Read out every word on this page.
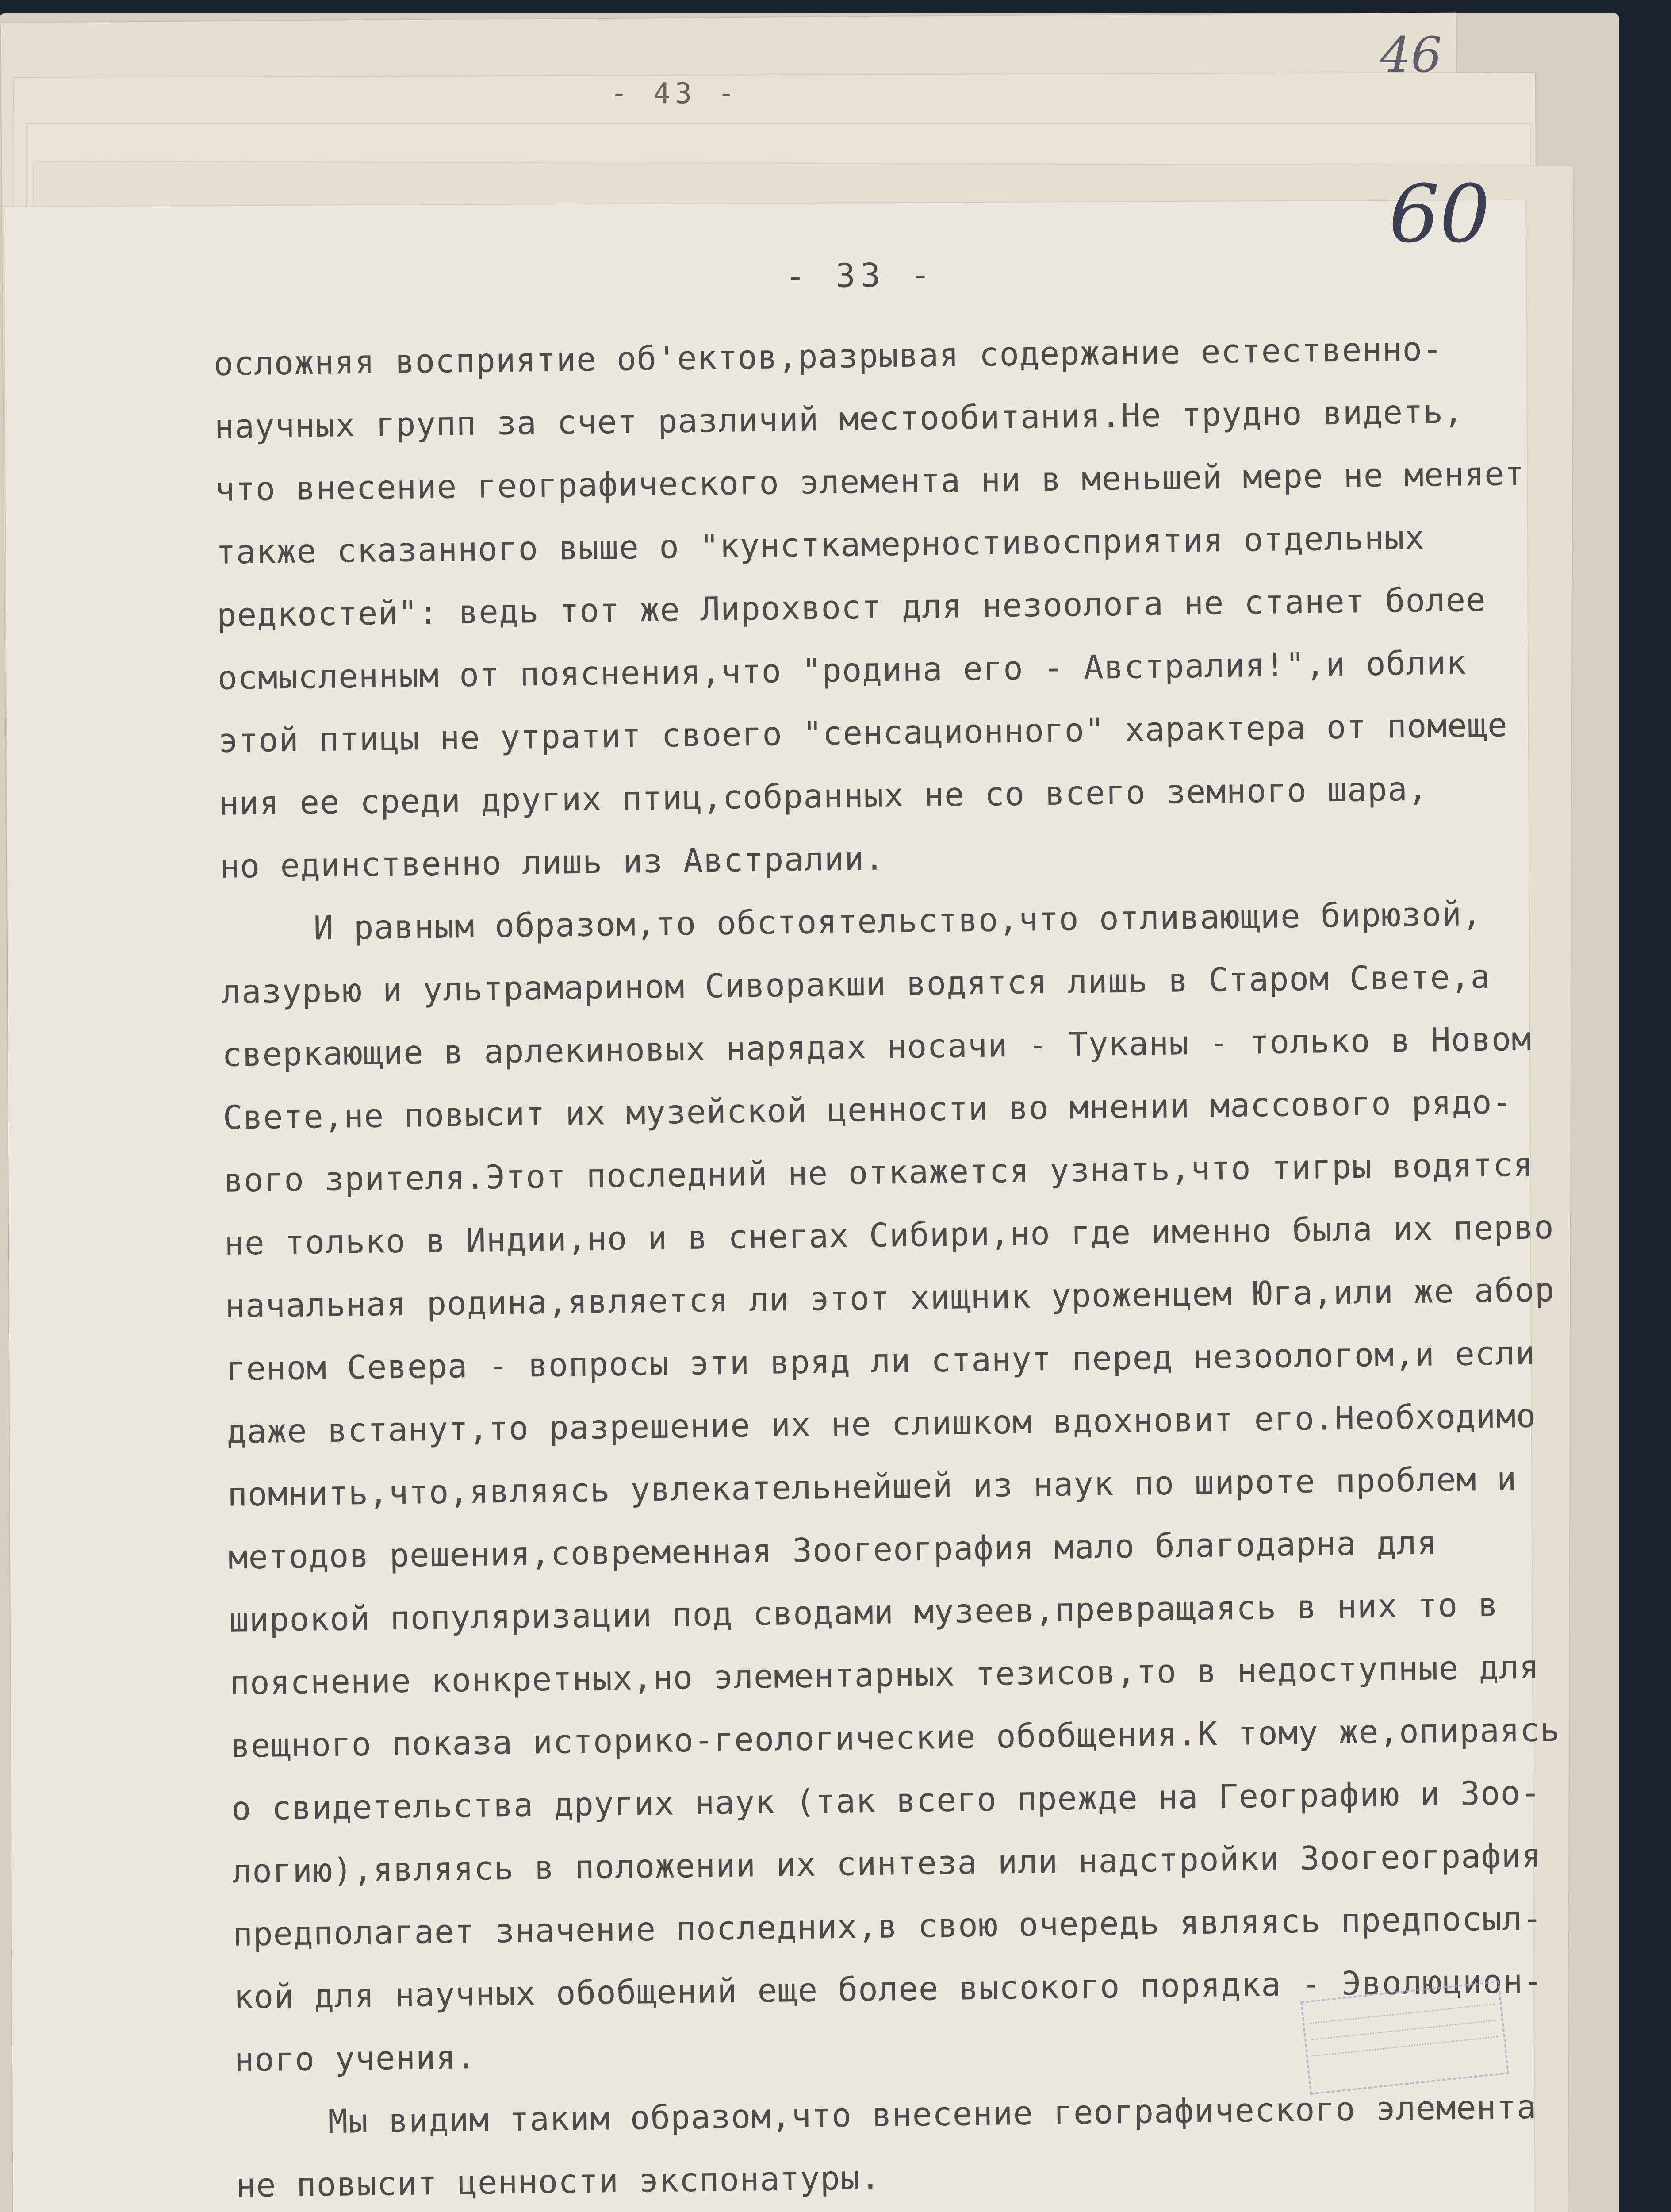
- 43 -
46
60
- 33 -
осложняя восприятие об'ектов,разрывая содержание естественно-
научных групп за счет различий местообитания.Не трудно видеть,
что внесение географического элемента ни в меньшей мере не меняет
также сказанного выше о "кунсткамерностивосприятия отдельных
редкостей": ведь тот же Лирохвост для незоолога не станет более
осмысленным от пояснения,что "родина его - Австралия!",и облик
этой птицы не утратит своего "сенсационного" характера от помеще
ния ее среди других птиц,собранных не со всего земного шара,
но единственно лишь из Австралии.
И равным образом,то обстоятельство,что отливающие бирюзой,
лазурью и ультрамарином Сиворакши водятся лишь в Старом Свете,а
сверкающие в арлекиновых нарядах носачи - Туканы - только в Новом
Свете,не повысит их музейской ценности во мнении массового рядо-
вого зрителя.Этот последний не откажется узнать,что тигры водятся
не только в Индии,но и в снегах Сибири,но где именно была их перво
начальная родина,является ли этот хищник уроженцем Юга,или же абор
геном Севера - вопросы эти вряд ли станут перед незоологом,и если
даже встанут,то разрешение их не слишком вдохновит его.Необходимо
помнить,что,являясь увлекательнейшей из наук по широте проблем и
методов решения,современная Зоогеография мало благодарна для
широкой популяризации под сводами музеев,превращаясь в них то в
пояснение конкретных,но элементарных тезисов,то в недоступные для
вещного показа историко-геологические обобщения.К тому же,опираясь
о свидетельства других наук (так всего прежде на Географию и Зоо-
логию),являясь в положении их синтеза или надстройки Зоогеография
предполагает значение последних,в свою очередь являясь предпосыл-
кой для научных обобщений еще более высокого порядка - Эволюцион-
ного учения.
Мы видим таким образом,что внесение географического элемента
не повысит ценности экспонатуры.
